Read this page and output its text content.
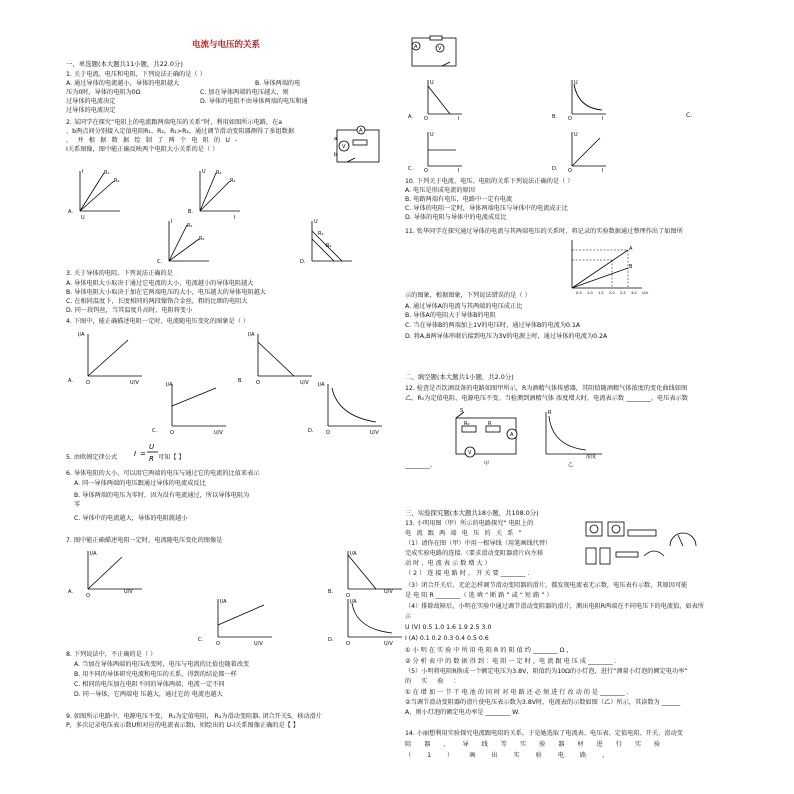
电流与电压的关系
一、单选题(本大题共11小题，共22.0分)
1. 关于电流、电压和电阻，下列说法正确的是（ ）
A. 通过导体的电流越小，导体的电阻越大	B. 导体两端的电
压为0时，导体的电阻为0Ω	C. 加在导体两端的电压越大，则
过导体的电流决定	D. 导体的电阻不由导体两端的电压和通
过导体的电流决定
2. 某同学在探究“电阻上的电流跟两端电压的关系”时，利用如图所示电路，在a
、b两点间分别接入定值电阻R₁，R₂，R₁>R₂，通过调节滑动变阻器测得了多组数据
，并根据数据绘制了两个电阻的U-
I关系图像，图中能正确反映两个电阻大小关系的是（ ）	V
A
a
b
I	R₁
R₂
A.
U
U R₂
R₁
B.
I
I
R₁
R₂
C.
U
R₁
R₂
D.
3. 关于导体的电阻，下列说法正确的是
A. 导体电阻大小取决于通过它电流的大小，电流越小的导体电阻越大
B. 导体电阻大小取决于加在它两端电压的大小，电压越大的导体电阻越大
C. 在相同温度下，长度相同的两段镍铬合金丝，粗的比细的电阻大
D. 同一段钨丝，当其温度升高时，电阻将变小
4. 下图中，能正确描述电阻一定时，电流随电压变化的图象是（ ）
I/A
A.	O	U/V
I/A
B.	O	U/V
I/A
C.	O	U/V
I/A
D.	O	U/V
5. 由欧姆定律公式 I =
U
R 可知【 】
6. 导体电阻的大小，可以用它两端的电压与通过它的电流的比值来表示
A. 同一导体两端的电压跟通过导体的电流成反比
B. 导体两端的电压为零时，因为没有电流通过，所以导体电阻为
零
C. 导体中的电流越大，导体的电阻就越小
7. 图中能正确描述电阻一定时，电流随电压变化的图像是
I/A
A.
O
U/V
I/A
B.
O
U/V
I/A
C.
O	U/V
I/A
D.
O	U/V
8. 下列说法中，不正确的是（ ）
A. 当加在导体两端的电压改变时，电压与电流的比值也随着改变
B. 用不同的导体研究电流和电压的关系，得到的结论都一样
C. 相同的电压加在电阻不同的导体两端，电流一定不同
D. 同一导体，它两端电 压越大，通过它的 电流也越大
9. 如图所示电路中，电源电压不变， R₁为定值电阻， R₂为滑动变阻器. 闭合开关S，移动滑片
P，多次记录电压表示数U和对应的电流表示数I，则绘出的 U-I关系图像正确的是【 】
A	V
U
A. O	I
U
B. O	I	C.
U
C. O	I
U
D. O	I
10. 下列关于电流、电压、电阻的关系下列说法正确的是（ ）
A. 电压是形成电流的原因
B. 电路两端有电压，电路中一定有电流
C. 导体的电阻一定时，导体两端电压与导体中的电流成正比
D. 导体的电阻与导体中的电流成反比
11. 张华同学在探究通过导体的电流与其两端电压的关系时，将记录的实验数据通过整理作出了如图所
A
B
0.5 1.0 1.5 2.0 2.5 3.0 U/V
示的图象，根据图象，下列说法错误的是（ ）
A. 通过导体A的电流与其两端的电压成正比
B. 导体A的电阻大于导体B的电阻
C. 当在导体B的两端加上1V的电压时，通过导体B的电流为0.1A
D. 将A,B两导体串联后接到电压为3V的电源上时，通过导体的电流为0.2A
二、填空题(本大题共1小题，共2.0分)
12. 检查是否饮酒设备的电路如图甲所示，R为酒精气体传感器，其阻值随酒精气体浓度的变化曲线如图
乙，R₀为定值电阻，电源电压不变。当检测到酒精气体 浓度增大时，电流表示数 ________，电压表示数
R₀	R
A
V
S
甲
R
浓度
乙
________。
三、实验探究题(本大题共18小题，共108.0分)
13. 小明用图（甲）所示的电路探究“ 电阻上的
电 流 跟 两 端 电 压 的 关 系 ”
（1）请你在图（甲）中用一根导线（用笔画线代替）
完成实验电路的连接.（要求滑动变阻器滑片向左移
动 时 ，电 流 表 示 数 增 大 ）
（ 2 ） 连 接 电 路 时 ， 开 关 要 ________ .
（3）闭合开关后，无论怎样调节滑动变阻器的滑片，都发现电流表无示数，电压表有示数，其原因可能
是 电 阻 R ________（ 选 填 “ 断 路 ” 或 “ 短 路 ” ）
（4）排除故障后，小明在实验中通过调节滑动变阻器的滑片，测出电阻R两端在不同电压下的电流值，如表所
示
U (V) 0.5 1.0 1.6 1.9 2.5 3.0
I (A) 0.1 0.2 0.3 0.4 0.5 0.6
① 小 明 在 实 验 中 所 用 电 阻 R 的 阻 值 约 ________ Ω ，
② 分 析 表 中 的 数 据 得 到 ：电 阻 一 定 时 ，电 流 跟 电 压 成 ________ .
（5）小明将电阻R换成一个额定电压为3.8V，阻值约为10Ω的小灯泡，进行“测量小灯泡的额定电功率”
的 实 验 ：
① 在 增 加 一 节 干 电 池 的 同 时 对 电 路 还 必 须 进 行 改 动 的 是 ________ .
②当调节滑动变阻器的滑片使电压表示数为3.8V时，电流表的示数如图（乙）所示，其读数为 ______
A，则小灯泡的额定电功率是 ________ W.
14. 小丽想利用实验探究电流跟电阻的关系，于是她选取了电流表、电压表、定值电阻、开关、滑动变
阻 器 、 导 线 等 实 验 器 材 进 行 实 验
（ 1 ） 画 出 实 验 电 路 ，
